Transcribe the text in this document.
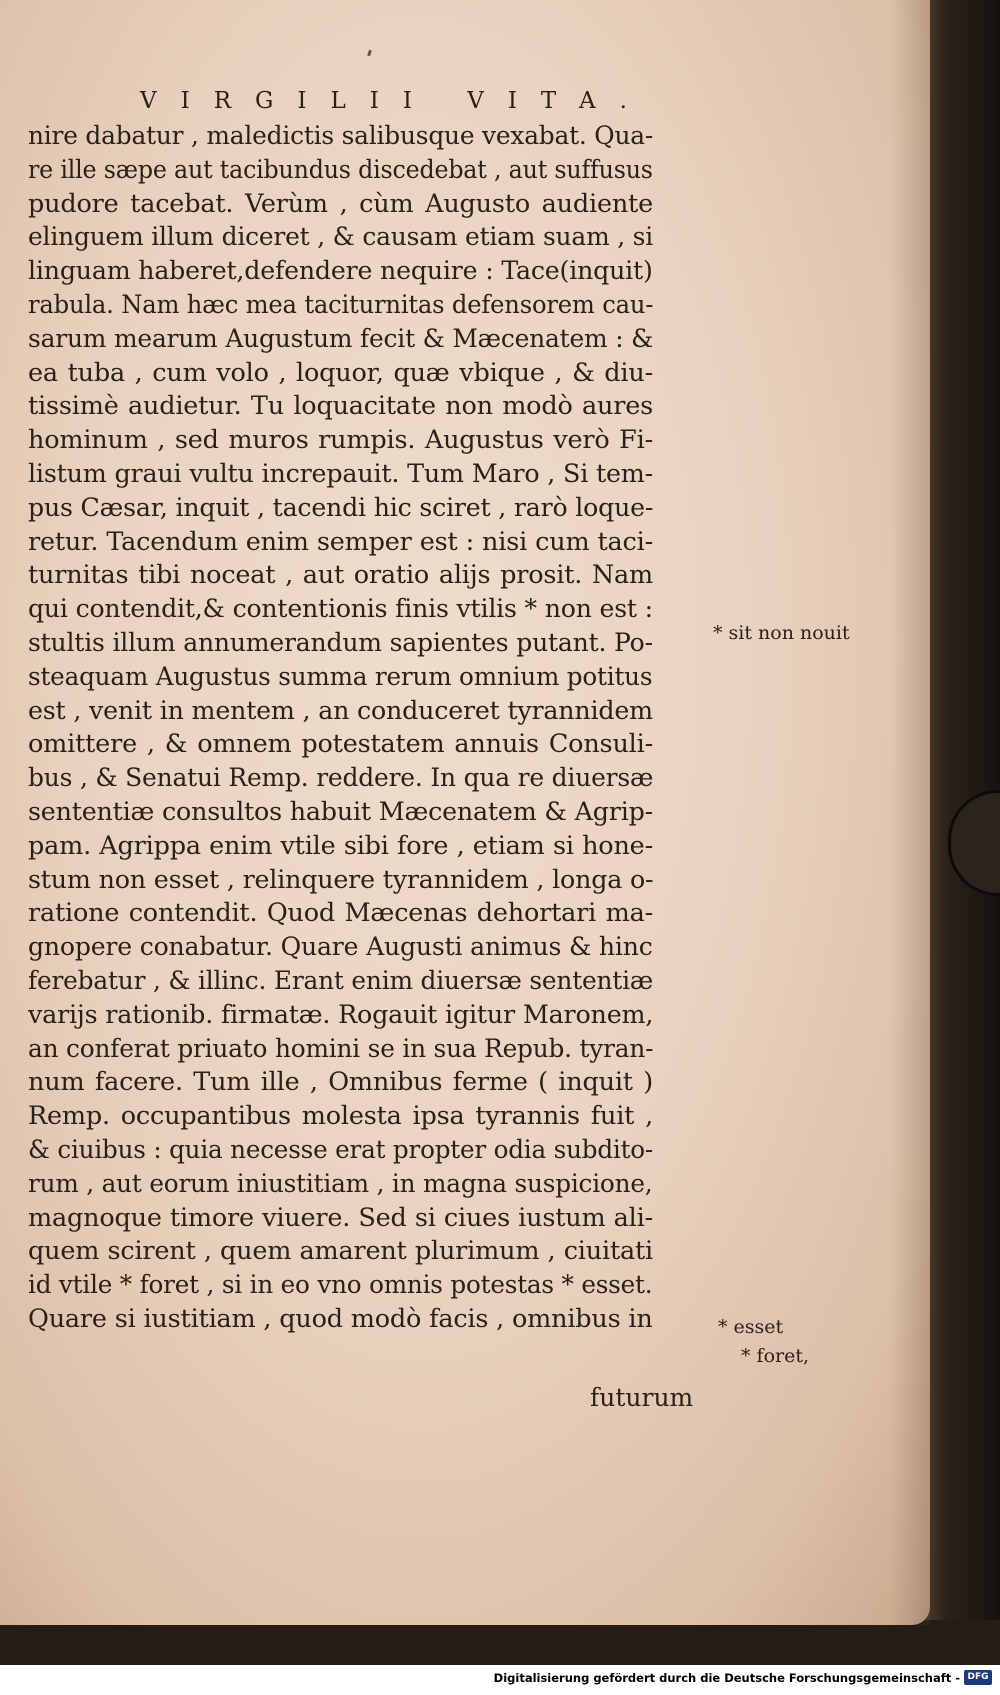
VIRGILII VITA.
nire dabatur , maledictis salibusque vexabat. Qua-
re ille sæpe aut tacibundus discedebat , aut suffusus
pudore tacebat. Verùm , cùm Augusto audiente
elinguem illum diceret , & causam etiam suam , si
linguam haberet,defendere nequire : Tace(inquit)
rabula. Nam hæc mea taciturnitas defensorem cau-
sarum mearum Augustum fecit & Mæcenatem : &
ea tuba , cum volo , loquor, quæ vbique , & diu-
tissimè audietur. Tu loquacitate non modò aures
hominum , sed muros rumpis. Augustus verò Fi-
listum graui vultu increpauit. Tum Maro , Si tem-
pus Cæsar, inquit , tacendi hic sciret , rarò loque-
retur. Tacendum enim semper est : nisi cum taci-
turnitas tibi noceat , aut oratio alijs prosit. Nam
qui contendit,& contentionis finis vtilis * non est :
stultis illum annumerandum sapientes putant. Po-
steaquam Augustus summa rerum omnium potitus
est , venit in mentem , an conduceret tyrannidem
omittere , & omnem potestatem annuis Consuli-
bus , & Senatui Remp. reddere. In qua re diuersæ
sententiæ consultos habuit Mæcenatem & Agrip-
pam. Agrippa enim vtile sibi fore , etiam si hone-
stum non esset , relinquere tyrannidem , longa o-
ratione contendit. Quod Mæcenas dehortari ma-
gnopere conabatur. Quare Augusti animus & hinc
ferebatur , & illinc. Erant enim diuersæ sententiæ
varijs rationib. firmatæ. Rogauit igitur Maronem,
an conferat priuato homini se in sua Repub. tyran-
num facere. Tum ille , Omnibus ferme ( inquit )
Remp. occupantibus molesta ipsa tyrannis fuit ,
& ciuibus : quia necesse erat propter odia subdito-
rum , aut eorum iniustitiam , in magna suspicione,
magnoque timore viuere. Sed si ciues iustum ali-
quem scirent , quem amarent plurimum , ciuitati
id vtile * foret , si in eo vno omnis potestas * esset.
Quare si iustitiam , quod modò facis , omnibus in
* sit non nouit
* esset
* foret,
futurum
Digitalisierung gefördert durch die Deutsche Forschungsgemeinschaft - DFG
